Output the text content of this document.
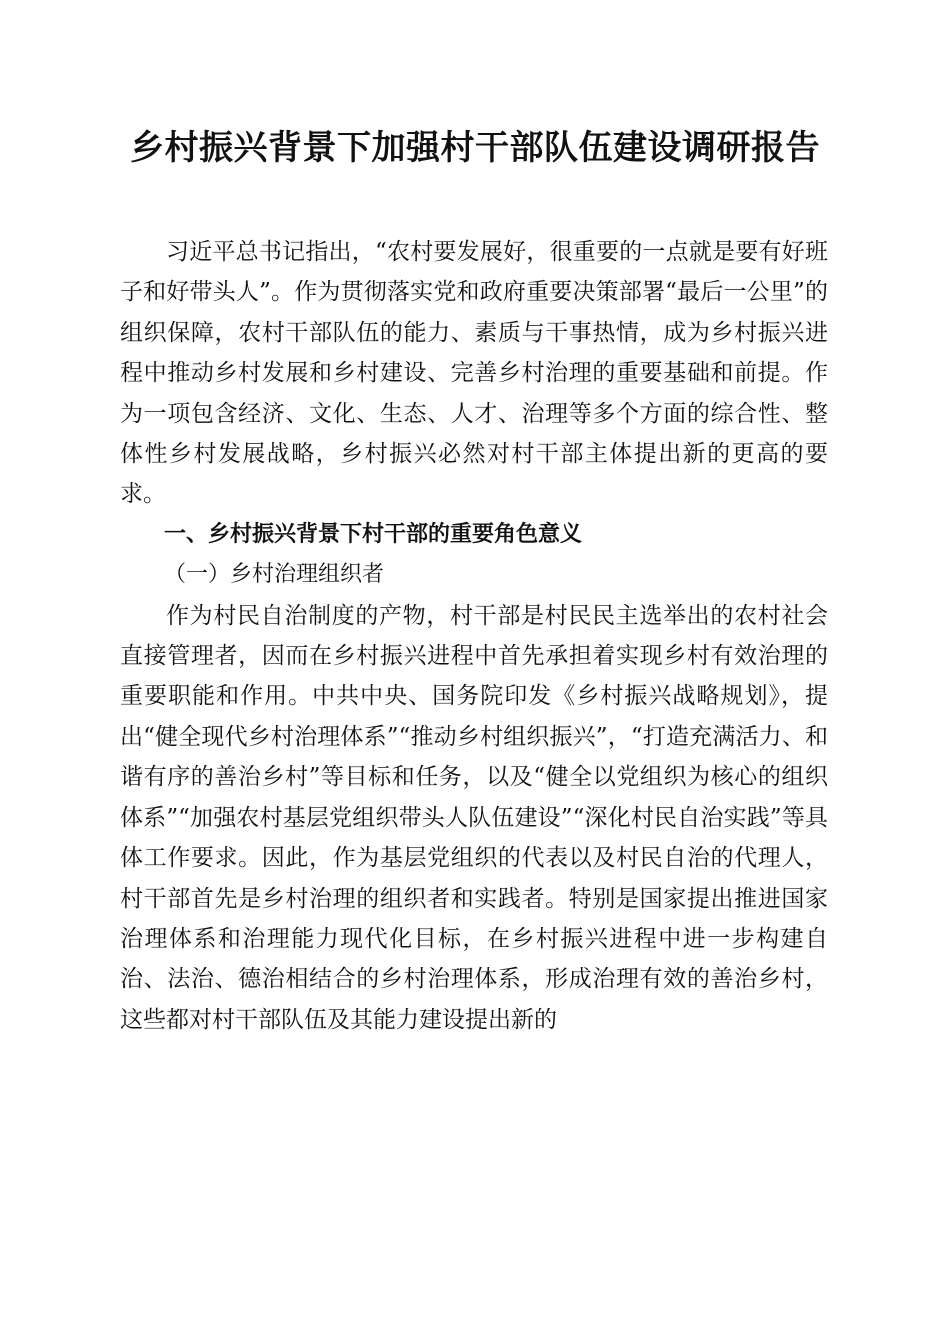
乡村振兴背景下加强村干部队伍建设调研报告

习近平总书记指出，“农村要发展好，很重要的一点就是要有好班子和好带头人”。作为贯彻落实党和政府重要决策部署“最后一公里”的组织保障，农村干部队伍的能力、素质与干事热情，成为乡村振兴进程中推动乡村发展和乡村建设、完善乡村治理的重要基础和前提。作为一项包含经济、文化、生态、人才、治理等多个方面的综合性、整体性乡村发展战略，乡村振兴必然对村干部主体提出新的更高的要求。

一、乡村振兴背景下村干部的重要角色意义

（一）乡村治理组织者

作为村民自治制度的产物，村干部是村民民主选举出的农村社会直接管理者，因而在乡村振兴进程中首先承担着实现乡村有效治理的重要职能和作用。中共中央、国务院印发《乡村振兴战略规划》，提出“健全现代乡村治理体系”“推动乡村组织振兴”，“打造充满活力、和谐有序的善治乡村”等目标和任务，以及“健全以党组织为核心的组织体系”“加强农村基层党组织带头人队伍建设”“深化村民自治实践”等具体工作要求。因此，作为基层党组织的代表以及村民自治的代理人，村干部首先是乡村治理的组织者和实践者。特别是国家提出推进国家治理体系和治理能力现代化目标，在乡村振兴进程中进一步构建自治、法治、德治相结合的乡村治理体系，形成治理有效的善治乡村，这些都对村干部队伍及其能力建设提出新的
